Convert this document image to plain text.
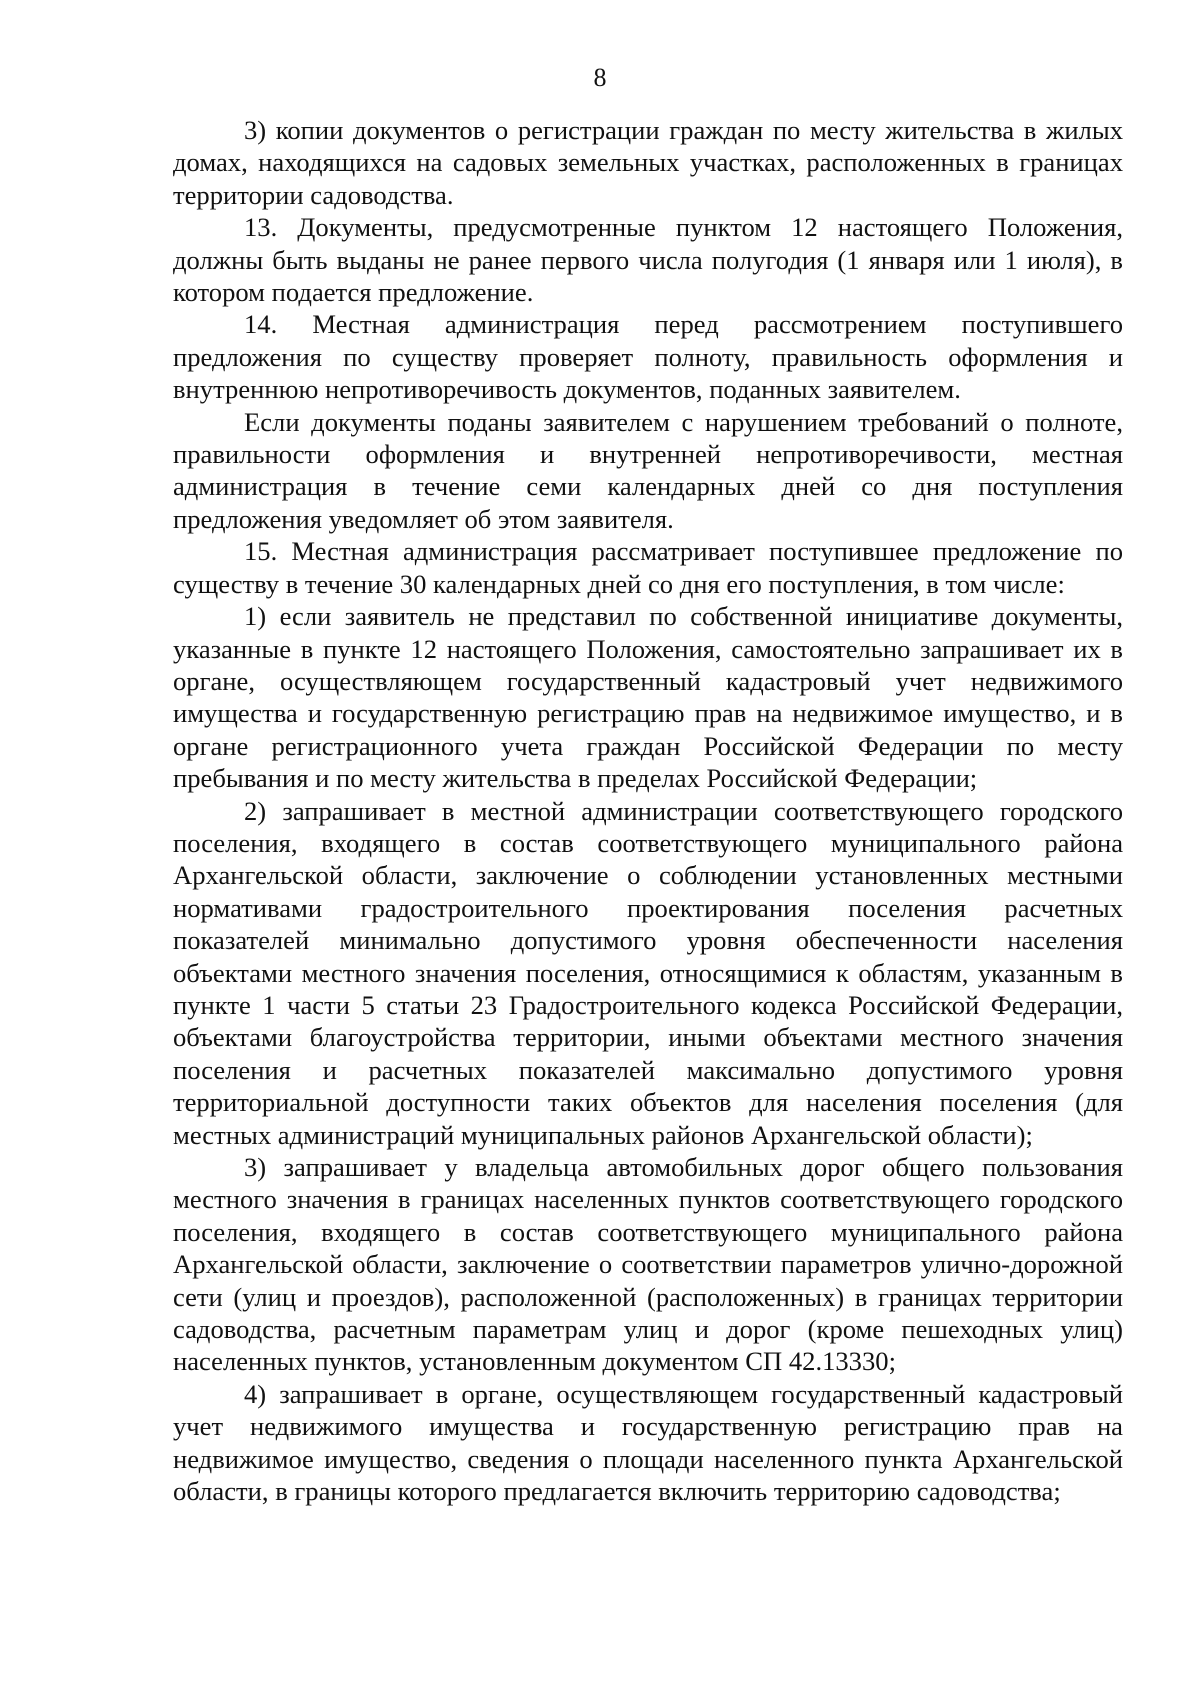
8

3) копии документов о регистрации граждан по месту жительства в жилых домах, находящихся на садовых земельных участках, расположенных в границах территории садоводства.

13. Документы, предусмотренные пунктом 12 настоящего Положения, должны быть выданы не ранее первого числа полугодия (1 января или 1 июля), в котором подается предложение.

14. Местная администрация перед рассмотрением поступившего предложения по существу проверяет полноту, правильность оформления и внутреннюю непротиворечивость документов, поданных заявителем.

Если документы поданы заявителем с нарушением требований о полноте, правильности оформления и внутренней непротиворечивости, местная администрация в течение семи календарных дней со дня поступления предложения уведомляет об этом заявителя.

15. Местная администрация рассматривает поступившее предложение по существу в течение 30 календарных дней со дня его поступления, в том числе:

1) если заявитель не представил по собственной инициативе документы, указанные в пункте 12 настоящего Положения, самостоятельно запрашивает их в органе, осуществляющем государственный кадастровый учет недвижимого имущества и государственную регистрацию прав на недвижимое имущество, и в органе регистрационного учета граждан Российской Федерации по месту пребывания и по месту жительства в пределах Российской Федерации;

2) запрашивает в местной администрации соответствующего городского поселения, входящего в состав соответствующего муниципального района Архангельской области, заключение о соблюдении установленных местными нормативами градостроительного проектирования поселения расчетных показателей минимально допустимого уровня обеспеченности населения объектами местного значения поселения, относящимися к областям, указанным в пункте 1 части 5 статьи 23 Градостроительного кодекса Российской Федерации, объектами благоустройства территории, иными объектами местного значения поселения и расчетных показателей максимально допустимого уровня территориальной доступности таких объектов для населения поселения (для местных администраций муниципальных районов Архангельской области);

3) запрашивает у владельца автомобильных дорог общего пользования местного значения в границах населенных пунктов соответствующего городского поселения, входящего в состав соответствующего муниципального района Архангельской области, заключение о соответствии параметров улично-дорожной сети (улиц и проездов), расположенной (расположенных) в границах территории садоводства, расчетным параметрам улиц и дорог (кроме пешеходных улиц) населенных пунктов, установленным документом СП 42.13330;

4) запрашивает в органе, осуществляющем государственный кадастровый учет недвижимого имущества и государственную регистрацию прав на недвижимое имущество, сведения о площади населенного пункта Архангельской области, в границы которого предлагается включить территорию садоводства;
